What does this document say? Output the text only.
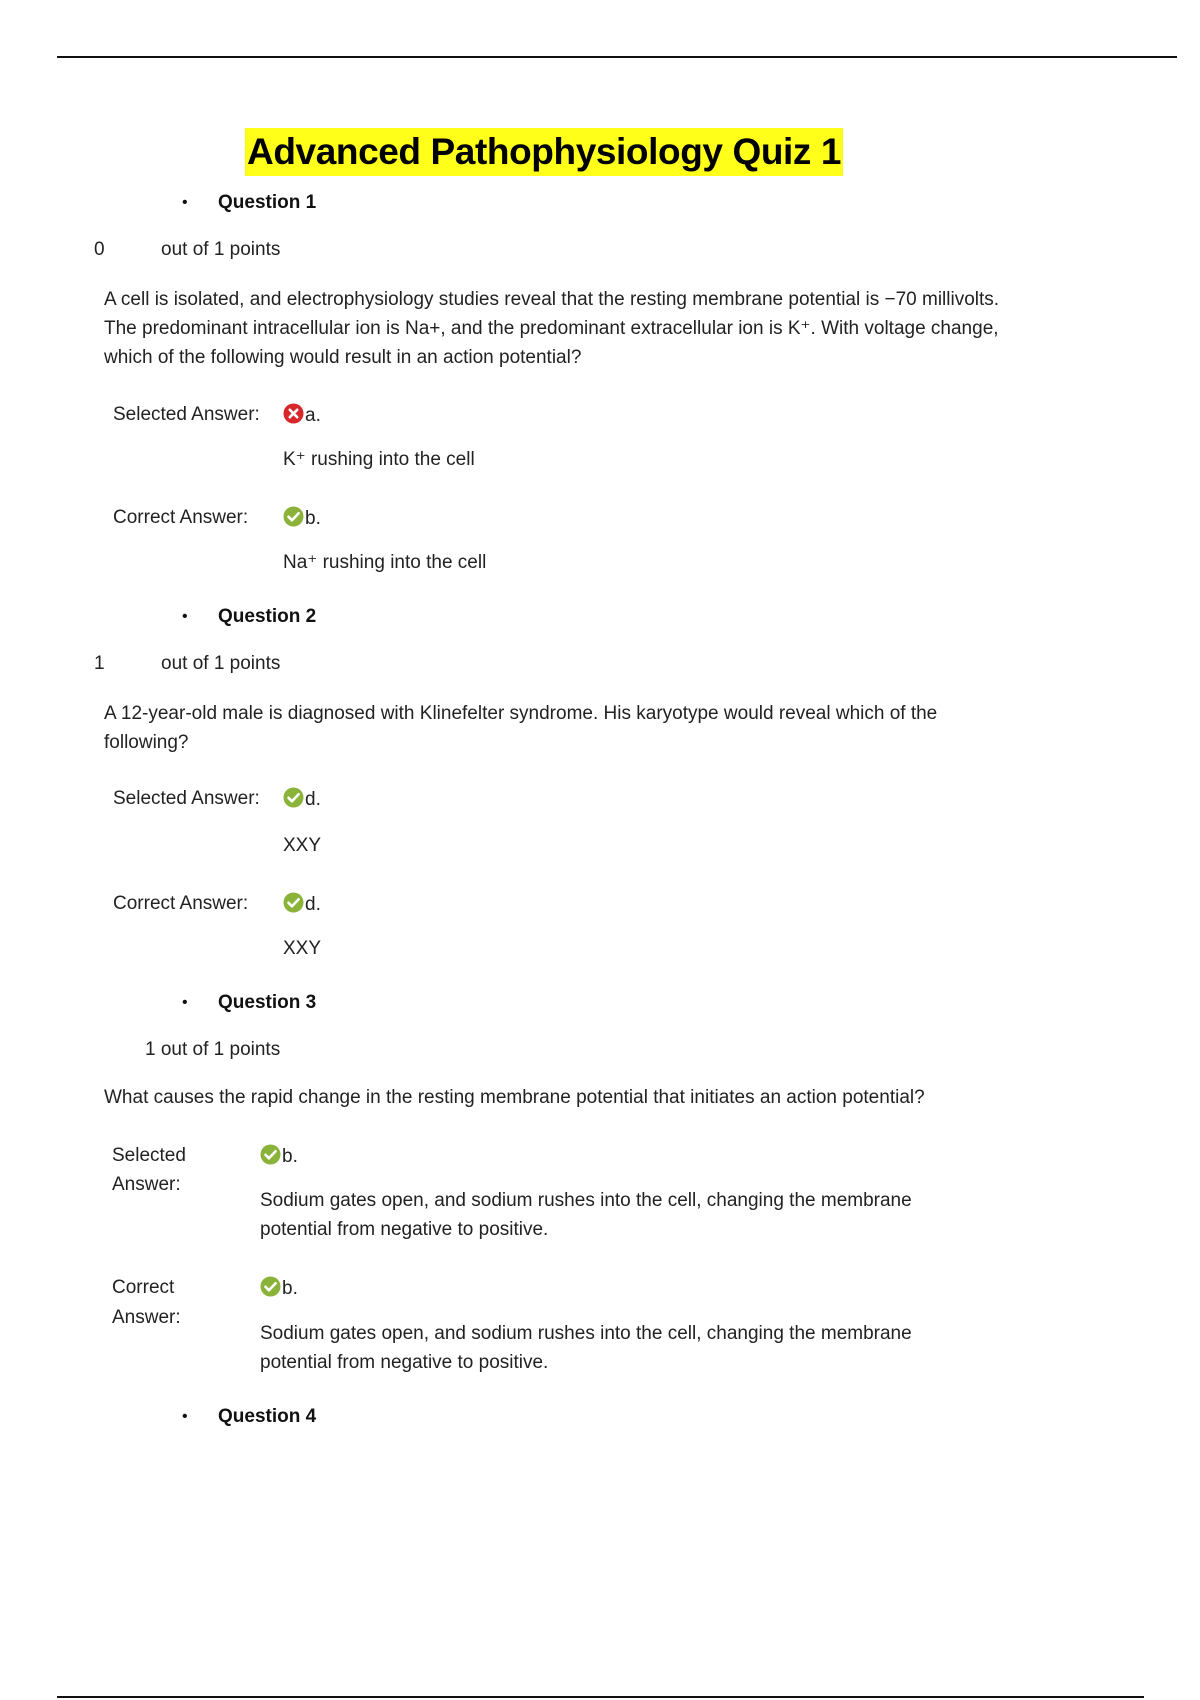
Advanced Pathophysiology Quiz 1
• Question 1
0	out of 1 points
A cell is isolated, and electrophysiology studies reveal that the resting membrane potential is −70 millivolts. The predominant intracellular ion is Na+, and the predominant extracellular ion is K⁺. With voltage change, which of the following would result in an action potential?
Selected Answer:	a.
K⁺ rushing into the cell
Correct Answer:	b.
Na⁺ rushing into the cell
• Question 2
1	out of 1 points
A 12-year-old male is diagnosed with Klinefelter syndrome. His karyotype would reveal which of the following?
Selected Answer:	d.
XXY
Correct Answer:	d.
XXY
• Question 3
1 out of 1 points
What causes the rapid change in the resting membrane potential that initiates an action potential?
Selected
Answer:
b.
Sodium gates open, and sodium rushes into the cell, changing the membrane potential from negative to positive.
Correct
Answer:
b.
Sodium gates open, and sodium rushes into the cell, changing the membrane potential from negative to positive.
• Question 4
